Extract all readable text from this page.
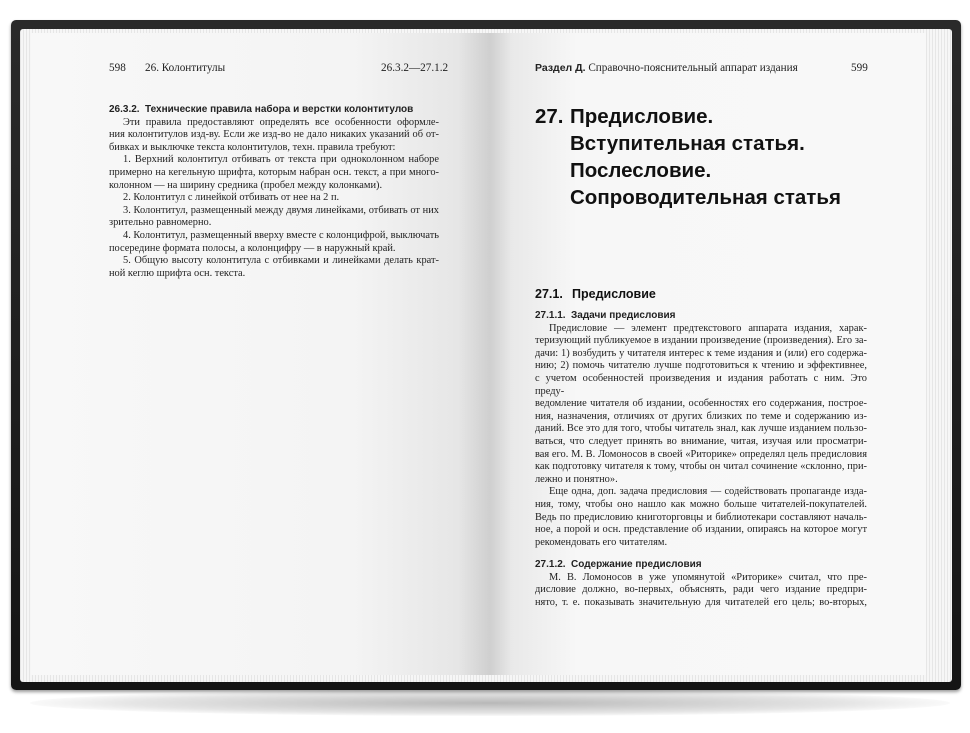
598 26. Колонтитулы	26.3.2—27.1.2

26.3.2. Технические правила набора и верстки колонтитулов

Эти правила предоставляют определять все особенности оформле-

ния колонтитулов изд-ву. Если же изд-во не дало никаких указаний об от-

бивках и выключке текста колонтитулов, техн. правила требуют:

1. Верхний колонтитул отбивать от текста при одноколонном наборе

примерно на кегельную шрифта, которым набран осн. текст, а при много-

колонном — на ширину средника (пробел между колонками).

2. Колонтитул с линейкой отбивать от нее на 2 п.

3. Колонтитул, размещенный между двумя линейками, отбивать от них

зрительно равномерно.

4. Колонтитул, размещенный вверху вместе с колонцифрой, выключать

посередине формата полосы, а колонцифру — в наружный край.

5. Общую высоту колонтитула с отбивками и линейками делать крат-

ной кеглю шрифта осн. текста.

Раздел Д. Справочно-пояснительный аппарат издания	599
27. Предисловие.
Вступительная статья.
Послесловие.
Сопроводительная статья
27.1. Предисловие

27.1.1. Задачи предисловия

Предисловие — элемент предтекстового аппарата издания, харак-

теризующий публикуемое в издании произведение (произведения). Его за-

дачи: 1) возбудить у читателя интерес к теме издания и (или) его содержа-

нию; 2) помочь читателю лучше подготовиться к чтению и эффективнее,

с учетом особенностей произведения и издания работать с ним. Это преду-

ведомление читателя об издании, особенностях его содержания, построе-

ния, назначения, отличиях от других близких по теме и содержанию из-

даний. Все это для того, чтобы читатель знал, как лучше изданием пользо-

ваться, что следует принять во внимание, читая, изучая или просматри-

вая его. М. В. Ломоносов в своей «Риторике» определял цель предисловия

как подготовку читателя к тому, чтобы он читал сочинение «склонно, при-

лежно и понятно».

Еще одна, доп. задача предисловия — содействовать пропаганде изда-

ния, тому, чтобы оно нашло как можно больше читателей-покупателей.

Ведь по предисловию книготорговцы и библиотекари составляют началь-

ное, а порой и осн. представление об издании, опираясь на которое могут

рекомендовать его читателям.

27.1.2. Содержание предисловия

М. В. Ломоносов в уже упомянутой «Риторике» считал, что пре-

дисловие должно, во-первых, объяснять, ради чего издание предпри-

нято, т. е. показывать значительную для читателей его цель; во-вторых,
